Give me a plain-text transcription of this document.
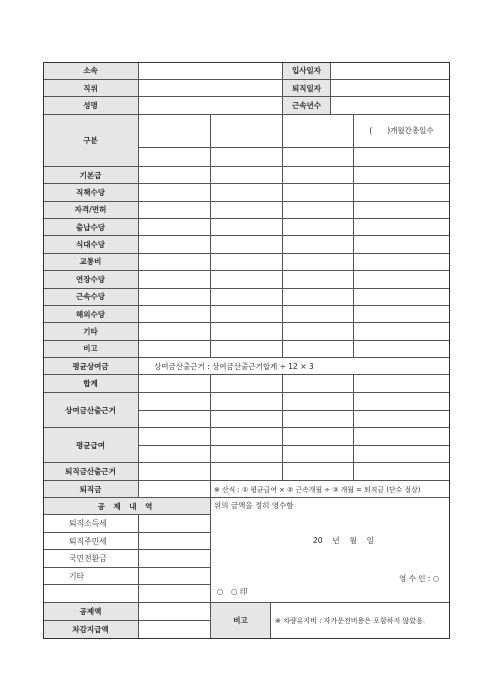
소속	입사일자
직위	퇴직일자
성명	근속년수
구분
(　　)개월간총일수
기본급
직책수당
자격/면허
출납수당
식대수당
교통비
연장수당
근속수당
해외수당
기타
비고
평균상여금	상여금산출근거 : 상여금산출근거합계 ÷ 12 × 3
합계
상여금산출근거
평균급여
퇴직금산출근거
퇴직금	※ 산식 : ① 평균급여 × ② 근속개월 ÷ ③ 개월 = 퇴직금 (단수 절상)
공 제 내 역
퇴직소득세
퇴직주민세
국민전환금
기타
위의 금액을 정히 영수함
20　 년　 월　 일
영 수 인 : ○
○　○ 印
공제액
차감지급액
비고	※ 차량유지비 : 자가운전비용은 포함하지 않았음.
